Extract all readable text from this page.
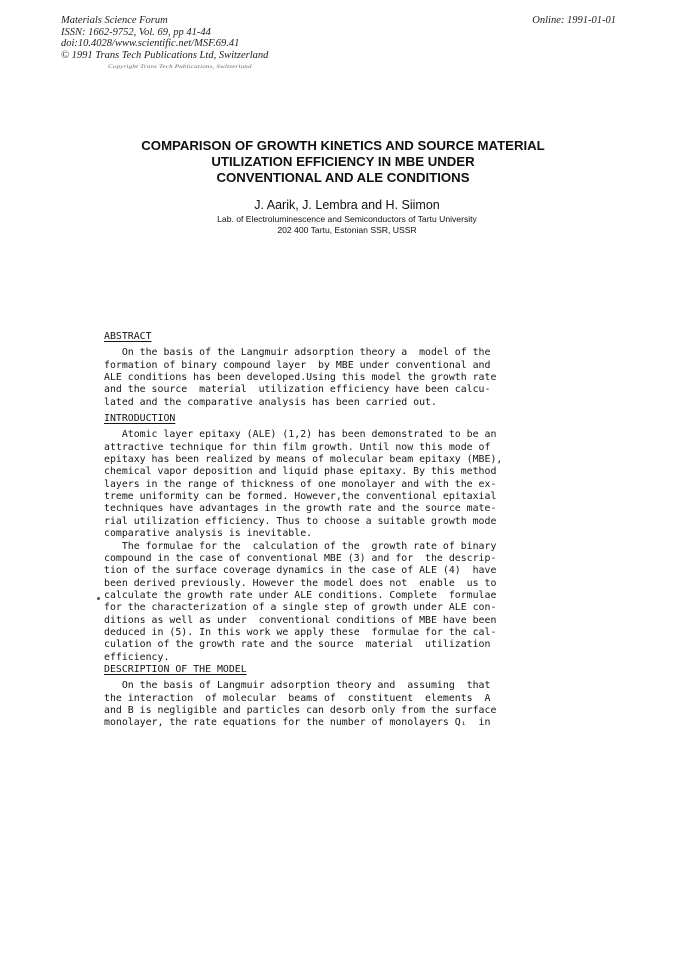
Materials Science Forum
ISSN: 1662-9752, Vol. 69, pp 41-44
doi:10.4028/www.scientific.net/MSF.69.41
© 1991 Trans Tech Publications Ltd, Switzerland
Online: 1991-01-01
Copyright Trans Tech Publications, Switzerland
COMPARISON OF GROWTH KINETICS AND SOURCE MATERIAL
UTILIZATION EFFICIENCY IN MBE UNDER
CONVENTIONAL AND ALE CONDITIONS
J. Aarik, J. Lembra and H. Siimon
Lab. of Electroluminescence and Semiconductors of Tartu University
202 400 Tartu, Estonian SSR, USSR
ABSTRACT
On the basis of the Langmuir adsorption theory a  model of the
formation of binary compound layer  by MBE under conventional and
ALE conditions has been developed.Using this model the growth rate
and the source  material  utilization efficiency have been calcu-
lated and the comparative analysis has been carried out.
INTRODUCTION
Atomic layer epitaxy (ALE) (1,2) has been demonstrated to be an
attractive technique for thin film growth. Until now this mode of
epitaxy has been realized by means of molecular beam epitaxy (MBE),
chemical vapor deposition and liquid phase epitaxy. By this method
layers in the range of thickness of one monolayer and with the ex-
treme uniformity can be formed. However,the conventional epitaxial
techniques have advantages in the growth rate and the source mate-
rial utilization efficiency. Thus to choose a suitable growth mode
comparative analysis is inevitable.
The formulae for the  calculation of the  growth rate of binary
compound in the case of conventional MBE (3) and for  the descrip-
tion of the surface coverage dynamics in the case of ALE (4)  have
been derived previously. However the model does not  enable  us to
calculate the growth rate under ALE conditions. Complete  formulae
for the characterization of a single step of growth under ALE con-
ditions as well as under  conventional conditions of MBE have been
deduced in (5). In this work we apply these  formulae for the cal-
culation of the growth rate and the source  material  utilization
efficiency.
DESCRIPTION OF THE MODEL
On the basis of Langmuir adsorption theory and  assuming  that
the interaction  of molecular  beams of  constituent  elements  A
and B is negligible and particles can desorb only from the surface
monolayer, the rate equations for the number of monolayers Qᵢ  in
